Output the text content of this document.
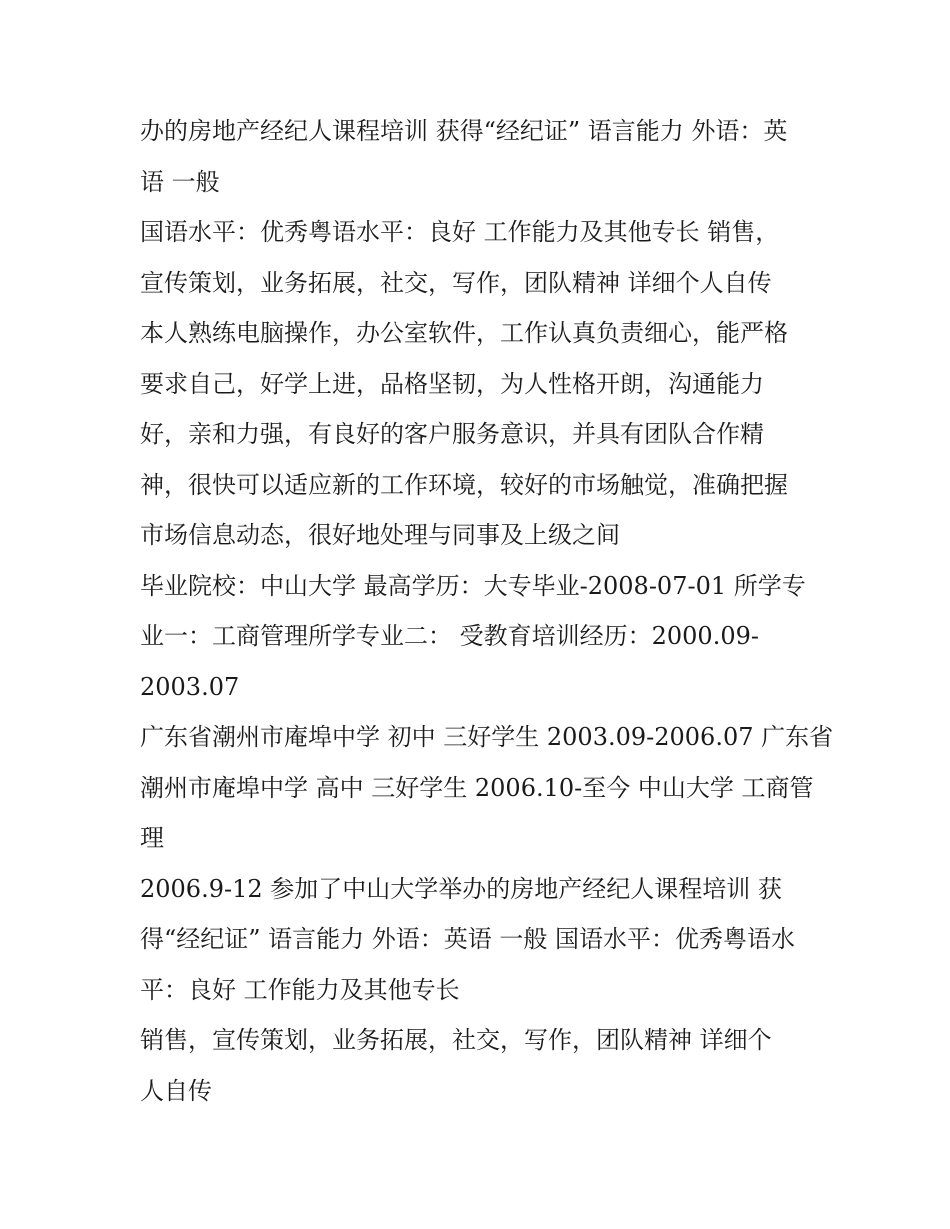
办的房地产经纪人课程培训 获得“经纪证” 语言能力 外语：英
语 一般
国语水平：优秀粤语水平：良好 工作能力及其他专长 销售，
宣传策划，业务拓展，社交，写作，团队精神 详细个人自传
本人熟练电脑操作，办公室软件，工作认真负责细心，能严格
要求自己，好学上进，品格坚韧，为人性格开朗，沟通能力
好，亲和力强，有良好的客户服务意识，并具有团队合作精
神，很快可以适应新的工作环境，较好的市场触觉，准确把握
市场信息动态，很好地处理与同事及上级之间
毕业院校：中山大学 最高学历：大专毕业-2008-07-01 所学专
业一：工商管理所学专业二： 受教育培训经历：2000.09-
2003.07
广东省潮州市庵埠中学 初中 三好学生 2003.09-2006.07 广东省
潮州市庵埠中学 高中 三好学生 2006.10-至今 中山大学 工商管
理
2006.9-12 参加了中山大学举办的房地产经纪人课程培训 获
得“经纪证” 语言能力 外语：英语 一般 国语水平：优秀粤语水
平：良好 工作能力及其他专长
销售，宣传策划，业务拓展，社交，写作，团队精神 详细个
人自传
